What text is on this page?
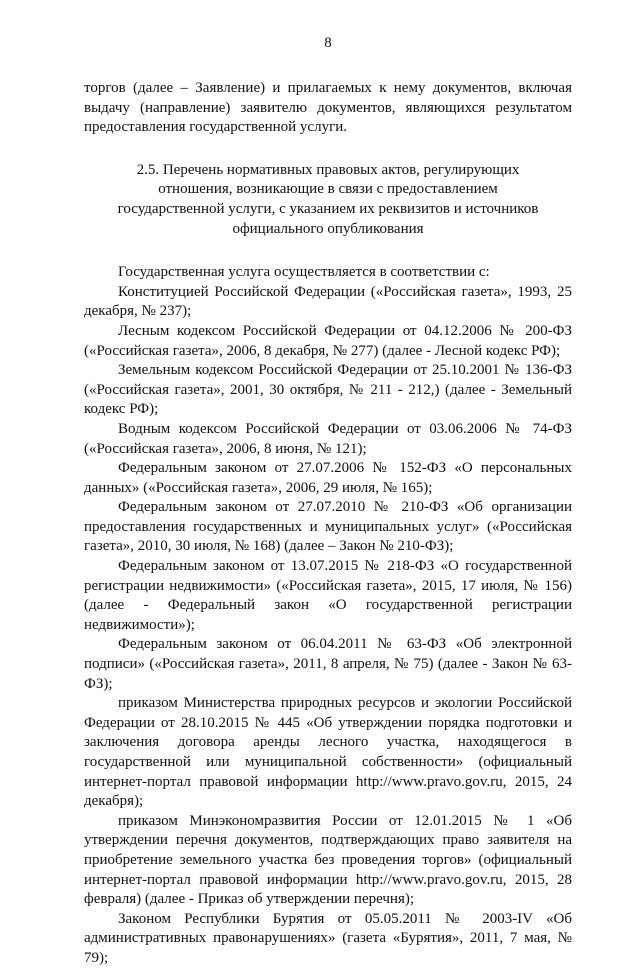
8

торгов (далее – Заявление) и прилагаемых к нему документов, включая выдачу (направление) заявителю документов, являющихся результатом предоставления государственной услуги.

2.5. Перечень нормативных правовых актов, регулирующих отношения, возникающие в связи с предоставлением государственной услуги, с указанием их реквизитов и источников официального опубликования

Государственная услуга осуществляется в соответствии с:

Конституцией Российской Федерации («Российская газета», 1993, 25 декабря, № 237);

Лесным кодексом Российской Федерации от 04.12.2006 № 200-ФЗ («Российская газета», 2006, 8 декабря, № 277) (далее - Лесной кодекс РФ);

Земельным кодексом Российской Федерации от 25.10.2001 № 136-ФЗ («Российская газета», 2001, 30 октября, № 211 - 212,) (далее - Земельный кодекс РФ);

Водным кодексом Российской Федерации от 03.06.2006 № 74-ФЗ («Российская газета», 2006, 8 июня, № 121);

Федеральным законом от 27.07.2006 № 152-ФЗ «О персональных данных» («Российская газета», 2006, 29 июля, № 165);

Федеральным законом от 27.07.2010 № 210-ФЗ «Об организации предоставления государственных и муниципальных услуг» («Российская газета», 2010, 30 июля, № 168) (далее – Закон № 210-ФЗ);

Федеральным законом от 13.07.2015 № 218-ФЗ «О государственной регистрации недвижимости» («Российская газета», 2015, 17 июля, № 156) (далее - Федеральный закон «О государственной регистрации недвижимости»);

Федеральным законом от 06.04.2011 № 63-ФЗ «Об электронной подписи» («Российская газета», 2011, 8 апреля, № 75) (далее - Закон № 63-ФЗ);

приказом Министерства природных ресурсов и экологии Российской Федерации от 28.10.2015 № 445 «Об утверждении порядка подготовки и заключения договора аренды лесного участка, находящегося в государственной или муниципальной собственности» (официальный интернет-портал правовой информации http://www.pravo.gov.ru, 2015, 24 декабря);

приказом Минэкономразвития России от 12.01.2015 № 1 «Об утверждении перечня документов, подтверждающих право заявителя на приобретение земельного участка без проведения торгов» (официальный интернет-портал правовой информации http://www.pravo.gov.ru, 2015, 28 февраля) (далее - Приказ об утверждении перечня);

Законом Республики Бурятия от 05.05.2011 № 2003-IV «Об административных правонарушениях» (газета «Бурятия», 2011, 7 мая, № 79);
